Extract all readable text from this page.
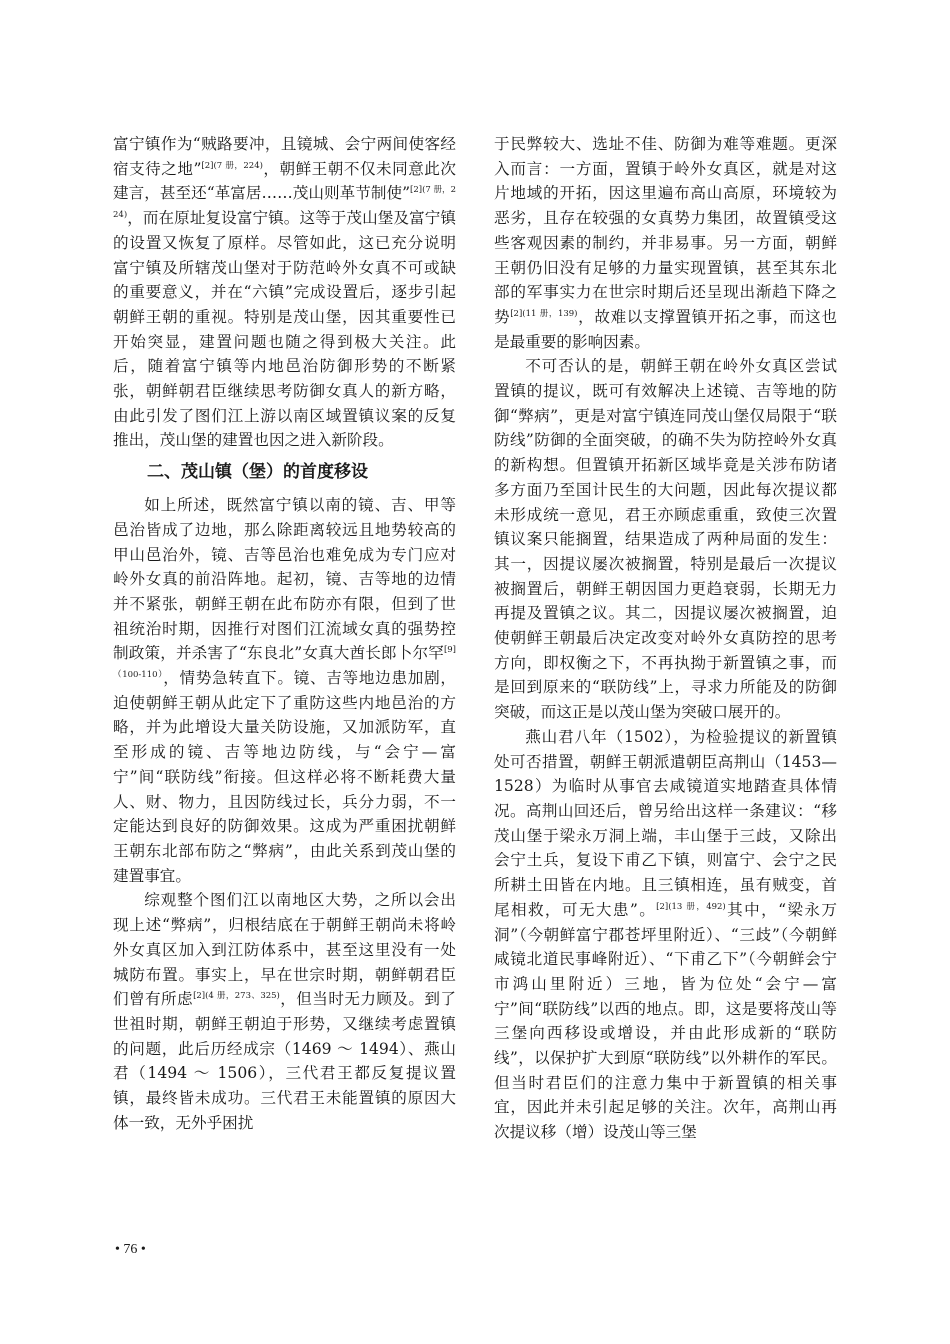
富宁镇作为“贼路要冲，且镜城、会宁两间使客经宿支待之地”$^{[2](7 册,224)}$，朝鲜王朝不仅未同意此次建言，甚至还“革富居……茂山则革节制使”$^{[2](7 册,224)}$，而在原址复设富宁镇。这等于茂山堡及富宁镇的设置又恢复了原样。尽管如此，这已充分说明富宁镇及所辖茂山堡对于防范岭外女真不可或缺的重要意义，并在“六镇”完成设置后，逐步引起朝鲜王朝的重视。特别是茂山堡，因其重要性已开始突显，建置问题也随之得到极大关注。此后，随着富宁镇等内地邑治防御形势的不断紧张，朝鲜朝君臣继续思考防御女真人的新方略，由此引发了图们江上游以南区域置镇议案的反复推出，茂山堡的建置也因之进入新阶段。

二、茂山镇（堡）的首度移设

如上所述，既然富宁镇以南的镜、吉、甲等邑治皆成了边地，那么除距离较远且地势较高的甲山邑治外，镜、吉等邑治也难免成为专门应对岭外女真的前沿阵地。起初，镜、吉等地的边情并不紧张，朝鲜王朝在此布防亦有限，但到了世祖统治时期，因推行对图们江流域女真的强势控制政策，并杀害了“东良北”女真大酋长郎卜尔罕$^{[9](100-110)}$，情势急转直下。镜、吉等地边患加剧，迫使朝鲜王朝从此定下了重防这些内地邑治的方略，并为此增设大量关防设施，又加派防军，直至形成的镜、吉等地边防线，与“会宁—富宁”间“联防线”衔接。但这样必将不断耗费大量人、财、物力，且因防线过长，兵分力弱，不一定能达到良好的防御效果。这成为严重困扰朝鲜王朝东北部布防之“弊病”，由此关系到茂山堡的建置事宜。

综观整个图们江以南地区大势，之所以会出现上述“弊病”，归根结底在于朝鲜王朝尚未将岭外女真区加入到江防体系中，甚至这里没有一处城防布置。事实上，早在世宗时期，朝鲜朝君臣们曾有所虑$^{[2](4 册,273、325)}$，但当时无力顾及。到了世祖时期，朝鲜王朝迫于形势，又继续考虑置镇的问题，此后历经成宗（1469 ～ 1494）、燕山君（1494 ～ 1506），三代君王都反复提议置镇，最终皆未成功。三代君王未能置镇的原因大体一致，无外乎困扰

于民弊较大、选址不佳、防御为难等难题。更深入而言：一方面，置镇于岭外女真区，就是对这片地域的开拓，因这里遍布高山高原，环境较为恶劣，且存在较强的女真势力集团，故置镇受这些客观因素的制约，并非易事。另一方面，朝鲜王朝仍旧没有足够的力量实现置镇，甚至其东北部的军事实力在世宗时期后还呈现出渐趋下降之势$^{[2](11 册,139)}$，故难以支撑置镇开拓之事，而这也是最重要的影响因素。

不可否认的是，朝鲜王朝在岭外女真区尝试置镇的提议，既可有效解决上述镜、吉等地的防御“弊病”，更是对富宁镇连同茂山堡仅局限于“联防线”防御的全面突破，的确不失为防控岭外女真的新构想。但置镇开拓新区域毕竟是关涉布防诸多方面乃至国计民生的大问题，因此每次提议都未形成统一意见，君王亦顾虑重重，致使三次置镇议案只能搁置，结果造成了两种局面的发生：其一，因提议屡次被搁置，特别是最后一次提议被搁置后，朝鲜王朝因国力更趋衰弱，长期无力再提及置镇之议。其二，因提议屡次被搁置，迫使朝鲜王朝最后决定改变对岭外女真防控的思考方向，即权衡之下，不再执拗于新置镇之事，而是回到原来的“联防线”上，寻求力所能及的防御突破，而这正是以茂山堡为突破口展开的。

燕山君八年（1502），为检验提议的新置镇处可否措置，朝鲜王朝派遣朝臣高荆山（1453—1528）为临时从事官去咸镜道实地踏查具体情况。高荆山回还后，曾另给出这样一条建议：“移茂山堡于梁永万洞上端，丰山堡于三歧，又除出会宁土兵，复设下甫乙下镇，则富宁、会宁之民所耕土田皆在内地。且三镇相连，虽有贼变，首尾相救，可无大患”。$^{[2](13 册,492)}$其中，“梁永万洞”（今朝鲜富宁郡苍坪里附近）、“三歧”（今朝鲜咸镜北道民事峰附近）、“下甫乙下”（今朝鲜会宁市鸿山里附近）三地，皆为位处“会宁—富宁”间“联防线”以西的地点。即，这是要将茂山等三堡向西移设或增设，并由此形成新的“联防线”，以保护扩大到原“联防线”以外耕作的军民。但当时君臣们的注意力集中于新置镇的相关事宜，因此并未引起足够的关注。次年，高荆山再次提议移（增）设茂山等三堡

• 76 •
